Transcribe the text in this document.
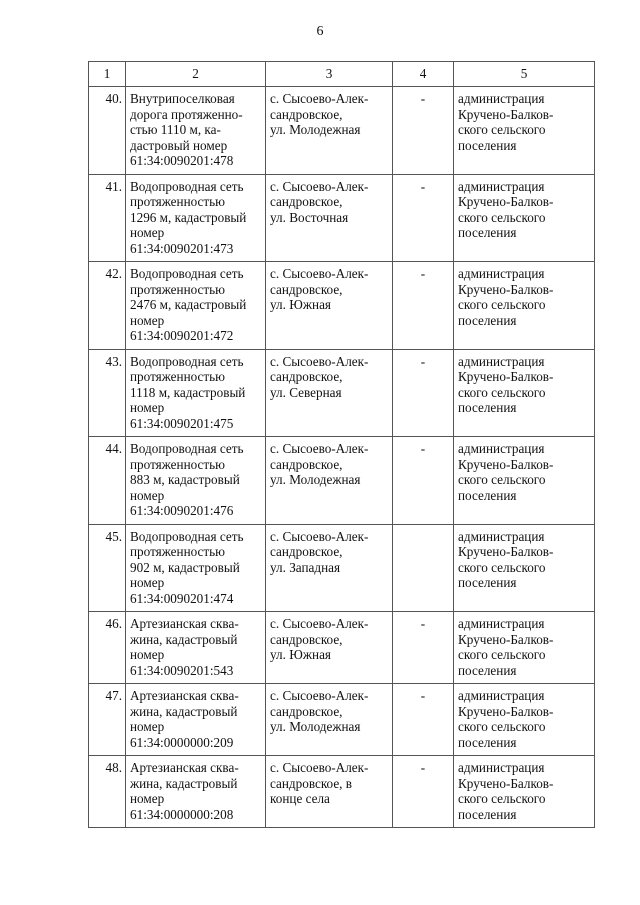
6
1	2	3	4	5

40.	Внутрипоселковая
дорога протяженно-
стью 1110 м, ка-
дастровый номер
61:34:0090201:478	с. Сысоево-Алек-
сандровское,
ул. Молодежная	-	администрация
Кручено-Балков-
ского сельского
поселения

41.	Водопроводная сеть
протяженностью
1296 м, кадастровый
номер
61:34:0090201:473	с. Сысоево-Алек-
сандровское,
ул. Восточная	-	администрация
Кручено-Балков-
ского сельского
поселения

42.	Водопроводная сеть
протяженностью
2476 м, кадастровый
номер
61:34:0090201:472	с. Сысоево-Алек-
сандровское,
ул. Южная	-	администрация
Кручено-Балков-
ского сельского
поселения

43.	Водопроводная сеть
протяженностью
1118 м, кадастровый
номер
61:34:0090201:475	с. Сысоево-Алек-
сандровское,
ул. Северная	-	администрация
Кручено-Балков-
ского сельского
поселения

44.	Водопроводная сеть
протяженностью
883 м, кадастровый
номер
61:34:0090201:476	с. Сысоево-Алек-
сандровское,
ул. Молодежная	-	администрация
Кручено-Балков-
ского сельского
поселения

45.	Водопроводная сеть
протяженностью
902 м, кадастровый
номер
61:34:0090201:474	с. Сысоево-Алек-
сандровское,
ул. Западная		администрация
Кручено-Балков-
ского сельского
поселения

46.	Артезианская сква-
жина, кадастровый
номер
61:34:0090201:543	с. Сысоево-Алек-
сандровское,
ул. Южная	-	администрация
Кручено-Балков-
ского сельского
поселения

47.	Артезианская сква-
жина, кадастровый
номер
61:34:0000000:209	с. Сысоево-Алек-
сандровское,
ул. Молодежная	-	администрация
Кручено-Балков-
ского сельского
поселения

48.	Артезианская сква-
жина, кадастровый
номер
61:34:0000000:208	с. Сысоево-Алек-
сандровское, в
конце села	-	администрация
Кручено-Балков-
ского сельского
поселения
